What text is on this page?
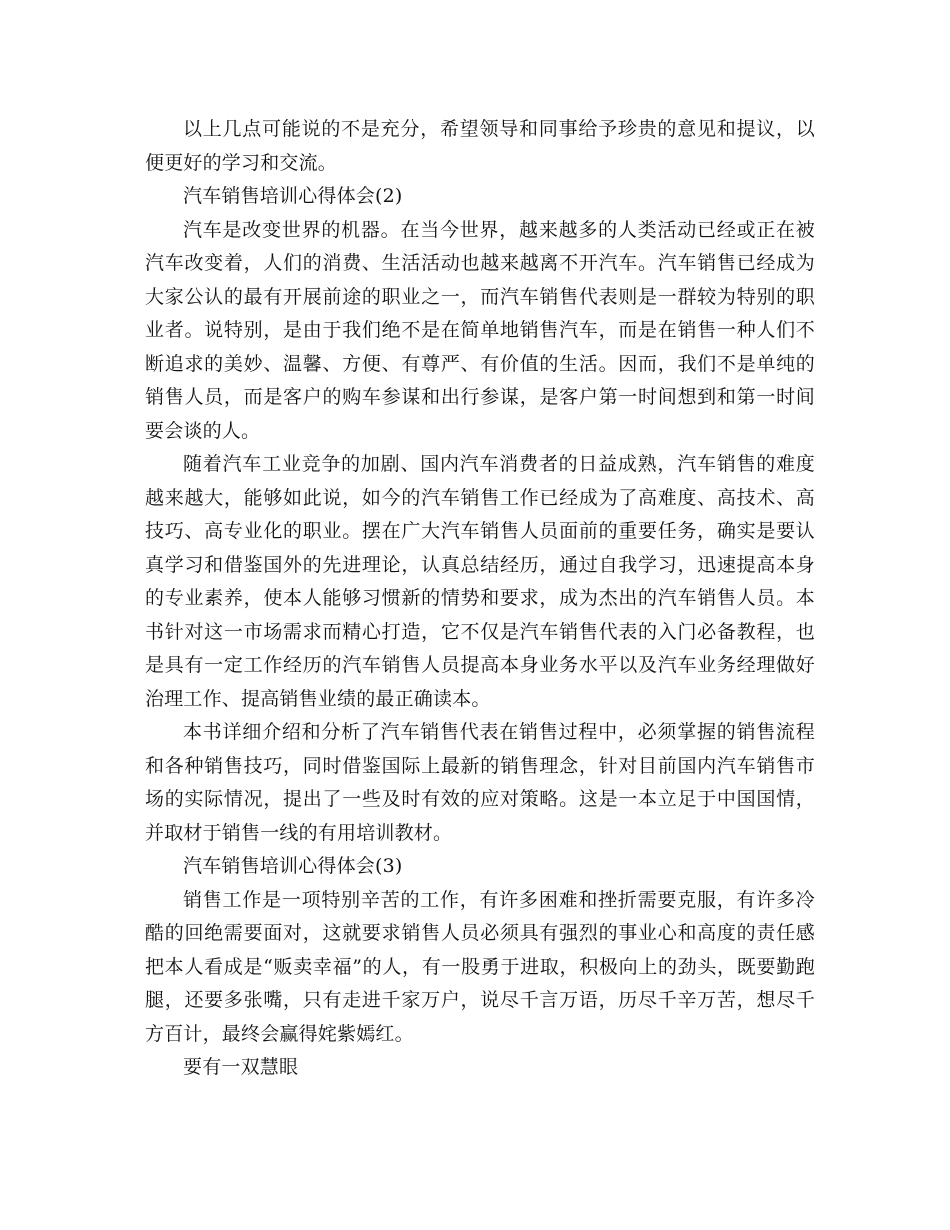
以上几点可能说的不是充分，希望领导和同事给予珍贵的意见和提议，以便更好的学习和交流。

汽车销售培训心得体会(2)

汽车是改变世界的机器。在当今世界，越来越多的人类活动已经或正在被汽车改变着，人们的消费、生活活动也越来越离不开汽车。汽车销售已经成为大家公认的最有开展前途的职业之一，而汽车销售代表则是一群较为特别的职业者。说特别，是由于我们绝不是在简单地销售汽车，而是在销售一种人们不断追求的美妙、温馨、方便、有尊严、有价值的生活。因而，我们不是单纯的销售人员，而是客户的购车参谋和出行参谋，是客户第一时间想到和第一时间要会谈的人。

随着汽车工业竞争的加剧、国内汽车消费者的日益成熟，汽车销售的难度越来越大，能够如此说，如今的汽车销售工作已经成为了高难度、高技术、高技巧、高专业化的职业。摆在广大汽车销售人员面前的重要任务，确实是要认真学习和借鉴国外的先进理论，认真总结经历，通过自我学习，迅速提高本身的专业素养，使本人能够习惯新的情势和要求，成为杰出的汽车销售人员。本书针对这一市场需求而精心打造，它不仅是汽车销售代表的入门必备教程，也是具有一定工作经历的汽车销售人员提高本身业务水平以及汽车业务经理做好治理工作、提高销售业绩的最正确读本。

本书详细介绍和分析了汽车销售代表在销售过程中，必须掌握的销售流程和各种销售技巧，同时借鉴国际上最新的销售理念，针对目前国内汽车销售市场的实际情况，提出了一些及时有效的应对策略。这是一本立足于中国国情，并取材于销售一线的有用培训教材。

汽车销售培训心得体会(3)

销售工作是一项特别辛苦的工作，有许多困难和挫折需要克服，有许多冷酷的回绝需要面对，这就要求销售人员必须具有强烈的事业心和高度的责任感把本人看成是“贩卖幸福”的人，有一股勇于进取，积极向上的劲头，既要勤跑腿，还要多张嘴，只有走进千家万户，说尽千言万语，历尽千辛万苦，想尽千方百计，最终会赢得姹紫嫣红。

要有一双慧眼
